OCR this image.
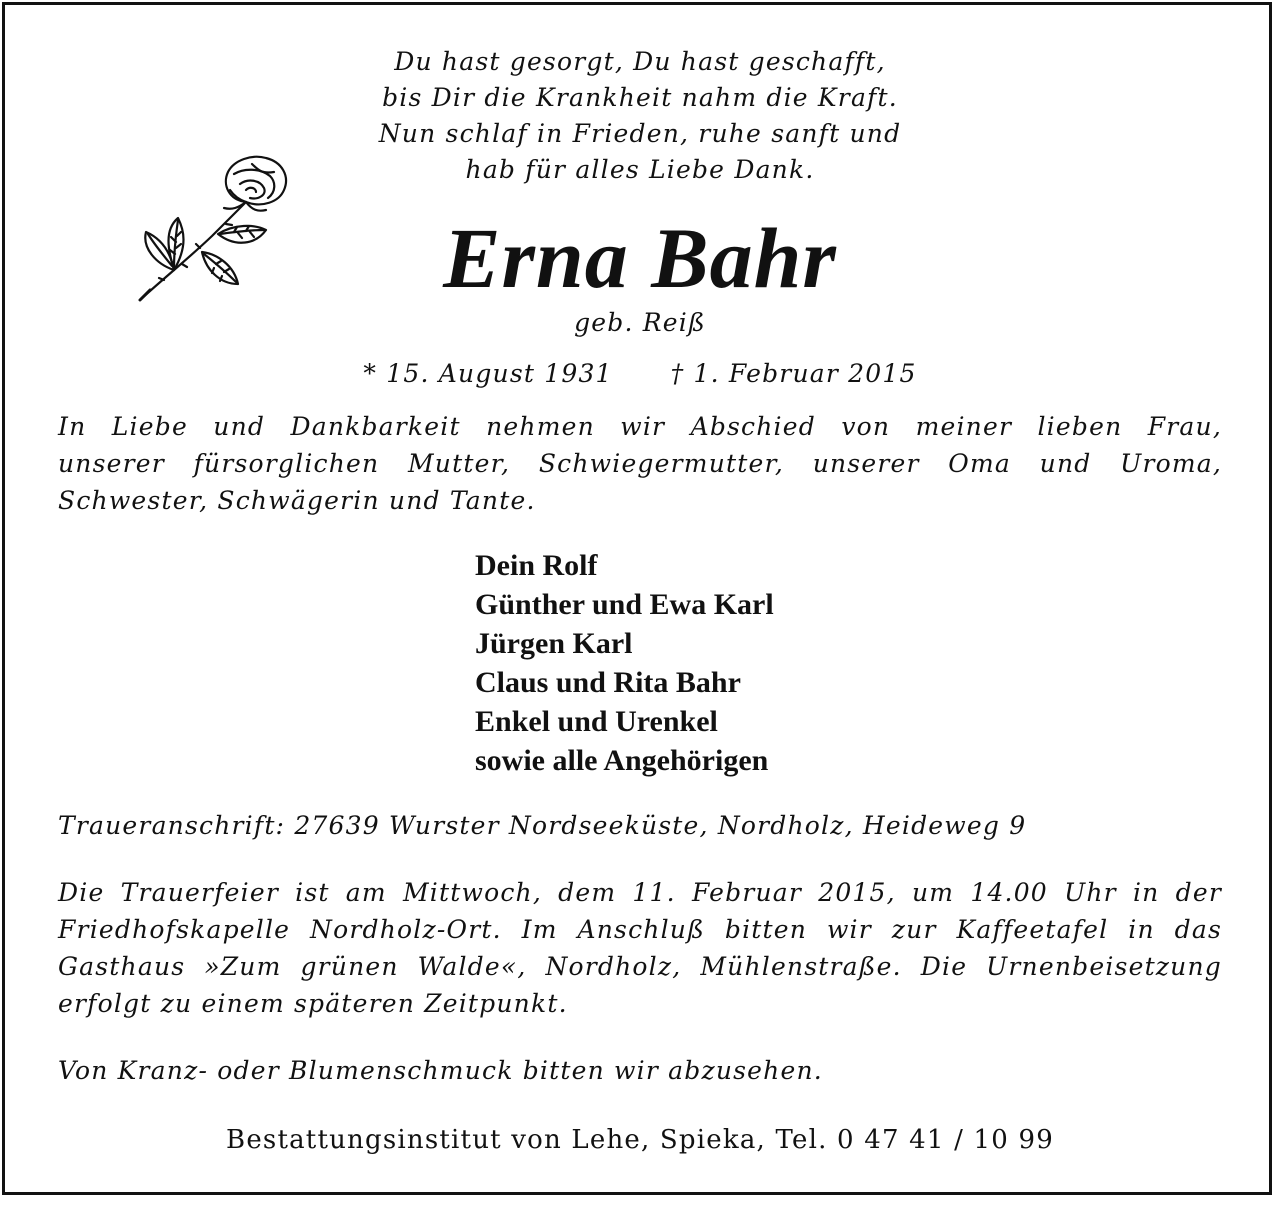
Du hast gesorgt, Du hast geschafft,
bis Dir die Krankheit nahm die Kraft.
Nun schlaf in Frieden, ruhe sanft und
hab für alles Liebe Dank.
Erna Bahr
geb. Reiß
* 15. August 1931 † 1. Februar 2015
In Liebe und Dankbarkeit nehmen wir Abschied von meiner lieben Frau,
unserer fürsorglichen Mutter, Schwiegermutter, unserer Oma und Uroma,
Schwester, Schwägerin und Tante.
Dein Rolf
Günther und Ewa Karl
Jürgen Karl
Claus und Rita Bahr
Enkel und Urenkel
sowie alle Angehörigen
Traueranschrift: 27639 Wurster Nordseeküste, Nordholz, Heideweg 9
Die Trauerfeier ist am Mittwoch, dem 11. Februar 2015, um 14.00 Uhr in der
Friedhofskapelle Nordholz-Ort. Im Anschluß bitten wir zur Kaffeetafel in das
Gasthaus »Zum grünen Walde«, Nordholz, Mühlenstraße. Die Urnenbeisetzung
erfolgt zu einem späteren Zeitpunkt.
Von Kranz- oder Blumenschmuck bitten wir abzusehen.
Bestattungsinstitut von Lehe, Spieka, Tel. 0 47 41 / 10 99
